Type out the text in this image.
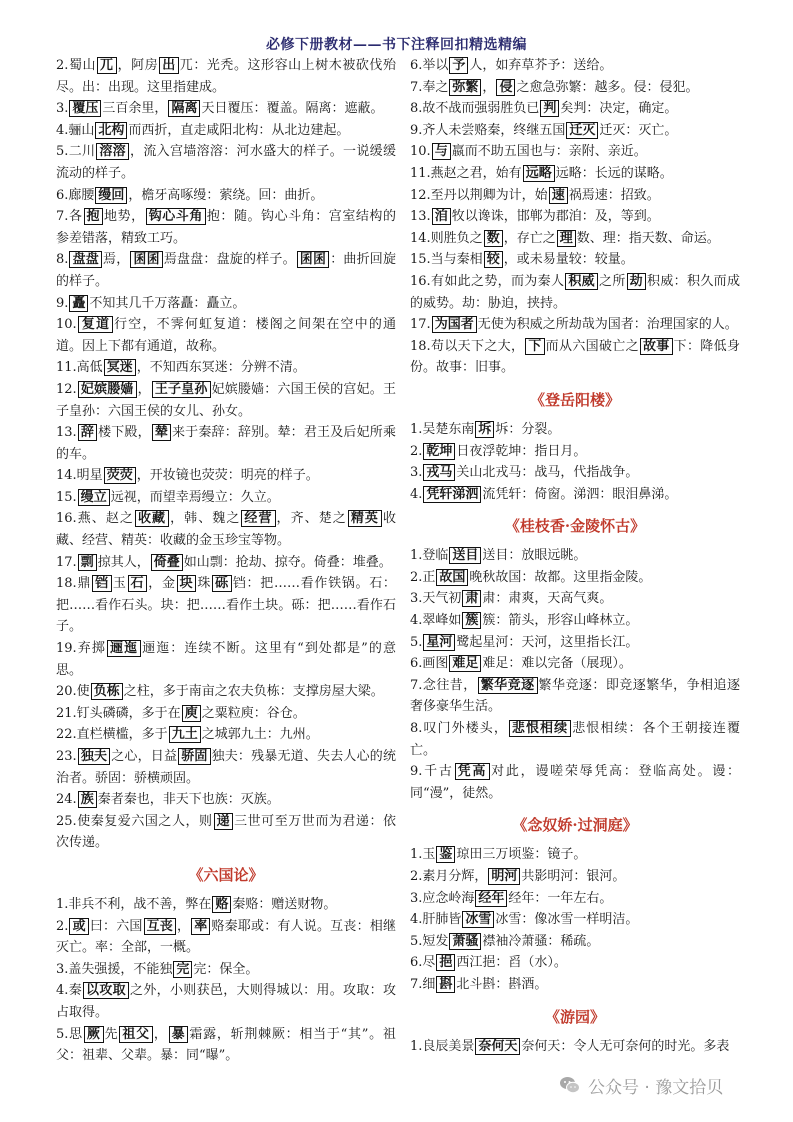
必修下册教材——书下注释回扣精选精编
2.蜀山 兀 ，阿房 出 兀：光秃。这形容山上树木被砍伐殆尽。出：出现。这里指建成。
3. 覆压 三百余里， 隔离 天日覆压：覆盖。隔离：遮蔽。
4.骊山 北构 而西折，直走咸阳北构：从北边建起。
5.二川 溶溶 ，流入宫墙溶溶：河水盛大的样子。一说缓缓流动的样子。
6.廊腰 缦回 ，檐牙高啄缦：萦绕。回：曲折。
7.各 抱 地势， 钩心斗角 抱：随。钩心斗角：宫室结构的参差错落，精致工巧。
8. 盘盘 焉， 囷囷 焉盘盘：盘旋的样子。 囷囷 ：曲折回旋的样子。
9. 矗 不知其几千万落矗：矗立。
10. 复道 行空，不霁何虹复道：楼阁之间架在空中的通道。因上下都有通道，故称。
11.高低 冥迷 ，不知西东冥迷：分辨不清。
12. 妃嫔媵嫱 ， 王子皇孙 妃嫔媵嫱：六国王侯的宫妃。王子皇孙：六国王侯的女儿、孙女。
13. 辞 楼下殿， 辇 来于秦辞：辞别。辇：君王及后妃所乘的车。
14.明星 荧荧 ，开妆镜也荧荧：明亮的样子。
15. 缦立 远视，而望幸焉缦立：久立。
16.燕、赵之 收藏 ，韩、魏之 经营 ，齐、楚之 精英 收藏、经营、精英：收藏的金玉珍宝等物。
17. 剽 掠其人， 倚叠 如山剽：抢劫、掠夺。倚叠：堆叠。
18.鼎 铛 玉 石 ，金 块 珠 砾 铛：把……看作铁锅。石：把……看作石头。块：把……看作土块。砾：把……看作石子。
19.弃掷 逦迤 逦迤：连续不断。这里有“到处都是”的意思。
20.使 负栋 之柱，多于南亩之农夫负栋：支撑房屋大梁。
21.钉头磷磷，多于在 庾 之粟粒庾：谷仓。
22.直栏横槛，多于 九土 之城郭九土：九州。
23. 独夫 之心，日益 骄固 独夫：残暴无道、失去人心的统治者。骄固：骄横顽固。
24. 族 秦者秦也，非天下也族：灭族。
25.使秦复爱六国之人，则 递 三世可至万世而为君递：依次传递。
《六国论》
1.非兵不利，战不善，弊在 赂 秦赂：赠送财物。
2. 或 曰：六国 互丧 ， 率 赂秦耶或：有人说。互丧：相继灭亡。率：全部，一概。
3.盖失强援，不能独 完 完：保全。
4.秦 以攻取 之外，小则获邑，大则得城以：用。攻取：攻占取得。
5.思 厥 先 祖父 ， 暴 霜露，斩荆棘厥：相当于“其”。祖父：祖辈、父辈。暴：同“曝”。
6.举以 予 人，如弃草芥予：送给。
7.奉之 弥繁 ， 侵 之愈急弥繁：越多。侵：侵犯。
8.故不战而强弱胜负已 判 矣判：决定，确定。
9.齐人未尝赂秦，终继五国 迁灭 迁灭：灭亡。
10. 与 嬴而不助五国也与：亲附、亲近。
11.燕赵之君，始有 远略 远略：长远的谋略。
12.至丹以荆卿为计，始 速 祸焉速：招致。
13. 洎 牧以谗诛，邯郸为郡洎：及，等到。
14.则胜负之 数 ，存亡之 理 数、理：指天数、命运。
15.当与秦相 较 ，或未易量较：较量。
16.有如此之势，而为秦人 积威 之所 劫 积威：积久而成的威势。劫：胁迫，挟持。
17. 为国者 无使为积威之所劫哉为国者：治理国家的人。
18.苟以天下之大， 下 而从六国破亡之 故事 下：降低身份。故事：旧事。
《登岳阳楼》
1.吴楚东南 坼 坼：分裂。
2. 乾坤 日夜浮乾坤：指日月。
3. 戎马 关山北戎马：战马，代指战争。
4. 凭轩涕泗 流凭轩：倚窗。涕泗：眼泪鼻涕。
《桂枝香·金陵怀古》
1.登临 送目 送目：放眼远眺。
2.正 故国 晚秋故国：故都。这里指金陵。
3.天气初 肃 肃：肃爽，天高气爽。
4.翠峰如 簇 簇：箭头，形容山峰林立。
5. 星河 鹭起星河：天河，这里指长江。
6.画图 难足 难足：难以完备（展现）。
7.念往昔， 繁华竞逐 繁华竞逐：即竞逐繁华，争相追逐奢侈豪华生活。
8.叹门外楼头， 悲恨相续 悲恨相续：各个王朝接连覆亡。
9.千古 凭高 对此，谩嗟荣辱凭高：登临高处。谩：同“漫”，徒然。
《念奴娇·过洞庭》
1.玉 鉴 琼田三万顷鉴：镜子。
2.素月分辉， 明河 共影明河：银河。
3.应念岭海 经年 经年：一年左右。
4.肝肺皆 冰雪 冰雪：像冰雪一样明洁。
5.短发 萧骚 襟袖冷萧骚：稀疏。
6.尽 挹 西江挹：舀（水）。
7.细 斟 北斗斟：斟酒。
《游园》
1.良辰美景 奈何天 奈何天：令人无可奈何的时光。多表
公众号 · 豫文拾贝
